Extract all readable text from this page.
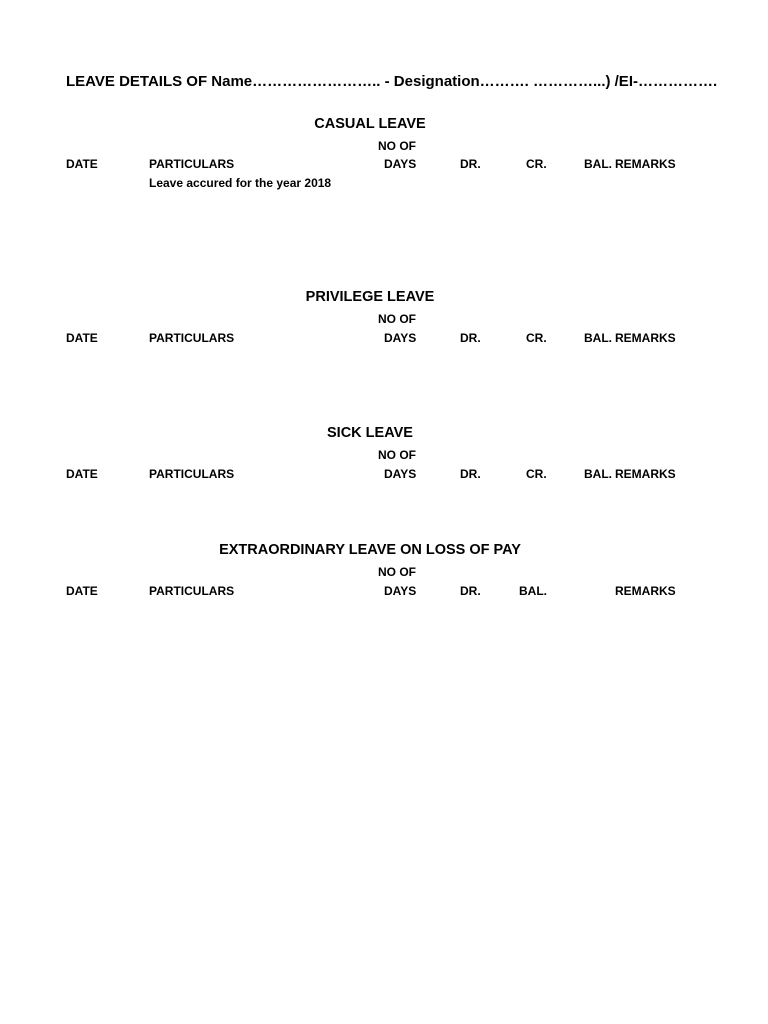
LEAVE DETAILS OF Name…………………….. - Designation………. …………...) /EI-…………….
CASUAL LEAVE
NO OF
DATE	PARTICULARS	DAYS	DR.	CR.	BAL. REMARKS
Leave accured for the year 2018
PRIVILEGE LEAVE
NO OF
DATE	PARTICULARS	DAYS	DR.	CR.	BAL. REMARKS
SICK LEAVE
NO OF
DATE	PARTICULARS	DAYS	DR.	CR.	BAL. REMARKS
EXTRAORDINARY LEAVE ON LOSS OF PAY
NO OF
DATE	PARTICULARS	DAYS	DR.	BAL.	REMARKS
